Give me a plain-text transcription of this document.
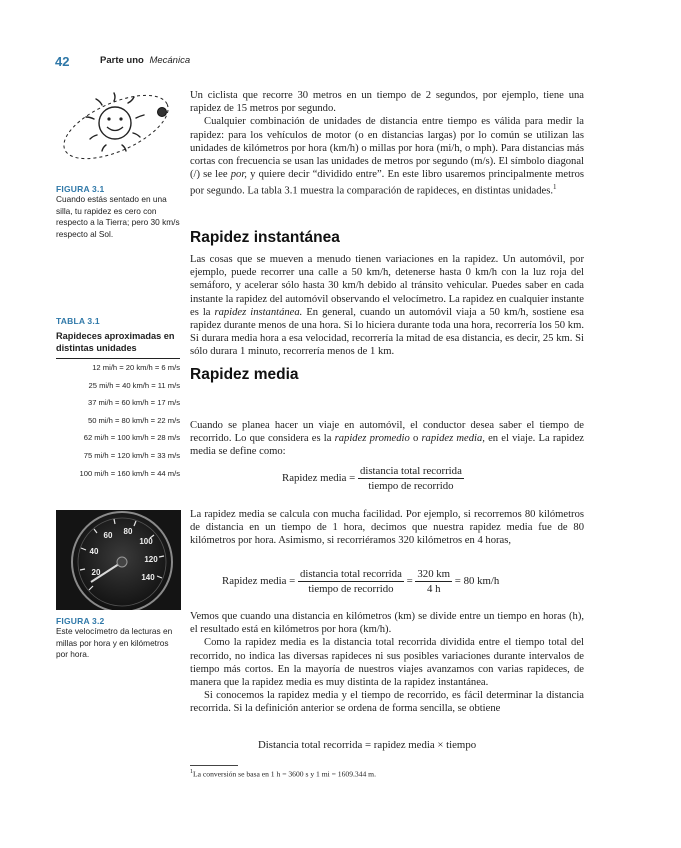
42	Parte uno Mecánica
FIGURA 3.1
Cuando estás sentado en una silla, tu rapidez es cero con respecto a la Tierra; pero 30 km/s respecto al Sol.
TABLA 3.1
Rapideces aproximadas en distintas unidades
12 mi/h = 20 km/h = 6 m/s
25 mi/h = 40 km/h = 11 m/s
37 mi/h = 60 km/h = 17 m/s
50 mi/h = 80 km/h = 22 m/s
62 mi/h = 100 km/h = 28 m/s
75 mi/h = 120 km/h = 33 m/s
100 mi/h = 160 km/h = 44 m/s
20
40
60 80
100
120
140
FIGURA 3.2
Este velocímetro da lecturas en millas por hora y en kilómetros por hora.

Un ciclista que recorre 30 metros en un tiempo de 2 segundos, por ejemplo, tiene una rapidez de 15 metros por segundo.

Cualquier combinación de unidades de distancia entre tiempo es válida para medir la rapidez: para los vehículos de motor (o en distancias largas) por lo común se utilizan las unidades de kilómetros por hora (km/h) o millas por hora (mi/h, o mph). Para distancias más cortas con frecuencia se usan las unidades de metros por segundo (m/s). El símbolo diagonal (/) se lee por, y quiere decir “dividido entre”. En este libro usaremos principalmente metros por segundo. La tabla 3.1 muestra la comparación de rapideces, en distintas unidades.$^1$

Rapidez instantánea
Las cosas que se mueven a menudo tienen variaciones en la rapidez. Un automóvil, por ejemplo, puede recorrer una calle a 50 km/h, detenerse hasta 0 km/h con la luz roja del semáforo, y acelerar sólo hasta 30 km/h debido al tránsito vehicular. Puedes saber en cada instante la rapidez del automóvil observando el velocímetro. La rapidez en cualquier instante es la rapidez instantánea. En general, cuando un automóvil viaja a 50 km/h, sostiene esa rapidez durante menos de una hora. Si lo hiciera durante toda una hora, recorrería los 50 km. Si durara media hora a esa velocidad, recorrería la mitad de esa distancia, es decir, 25 km. Si sólo durara 1 minuto, recorrería menos de 1 km.
Rapidez media
Cuando se planea hacer un viaje en automóvil, el conductor desea saber el tiempo de recorrido. Lo que considera es la rapidez promedio o rapidez media, en el viaje. La rapidez media se define como:
Rapidez media = $\frac{\text{distancia total recorrida}}{\text{tiempo de recorrido}}$
La rapidez media se calcula con mucha facilidad. Por ejemplo, si recorremos 80 kilómetros de distancia en un tiempo de 1 hora, decimos que nuestra rapidez media fue de 80 kilómetros por hora. Asimismo, si recorriéramos 320 kilómetros en 4 horas,
Rapidez media = $\frac{\text{distancia total recorrida}}{\text{tiempo de recorrido}} = \frac{320 km}{4 h} = 80$ km/h

Vemos que cuando una distancia en kilómetros (km) se divide entre un tiempo en horas (h), el resultado está en kilómetros por hora (km/h).

Como la rapidez media es la distancia total recorrida dividida entre el tiempo total del recorrido, no indica las diversas rapideces ni sus posibles variaciones durante intervalos de tiempo más cortos. En la mayoría de nuestros viajes avanzamos con varias rapideces, de manera que la rapidez media es muy distinta de la rapidez instantánea.

Si conocemos la rapidez media y el tiempo de recorrido, es fácil determinar la distancia recorrida. Si la definición anterior se ordena de forma sencilla, se obtiene

Distancia total recorrida = rapidez media × tiempo
$^1$La conversión se basa en 1 h = 3600 s y 1 mi = 1609.344 m.
